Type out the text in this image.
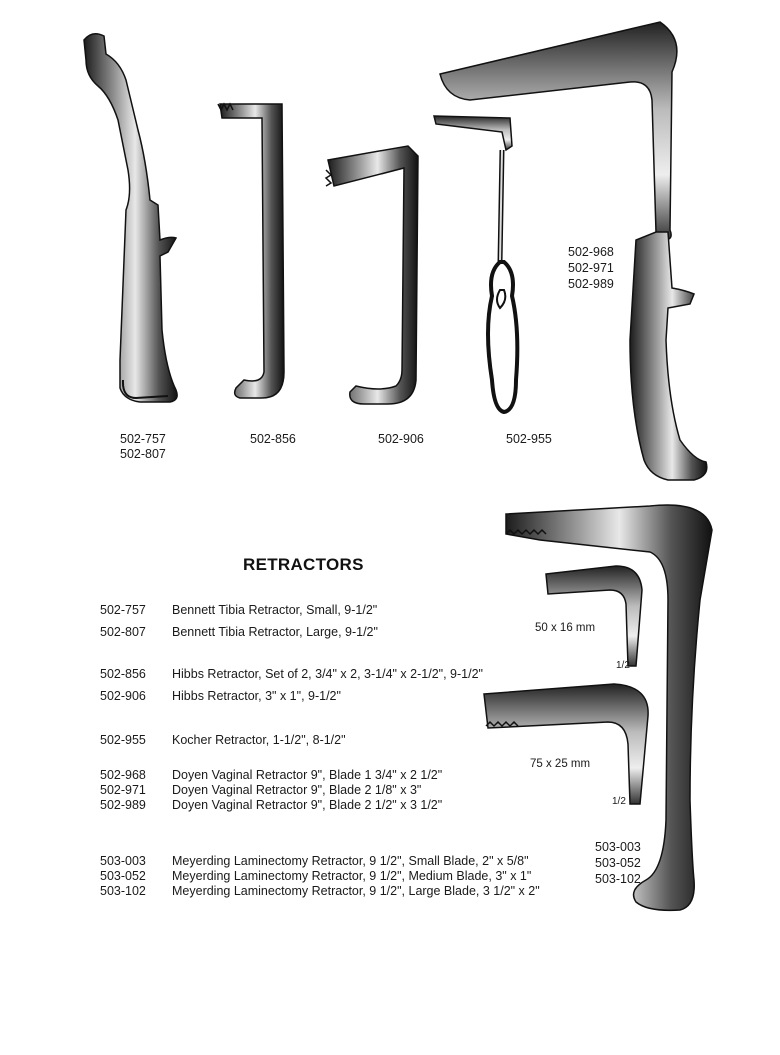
502-757
502-807
502-856	502-906	502-955
502-968
502-971
502-989
503-003
503-052
503-102
50 x 16 mm
1/2
75 x 25 mm
1/2
RETRACTORS
502-757 Bennett Tibia Retractor, Small, 9-1/2"
502-807 Bennett Tibia Retractor, Large, 9-1/2"
502-856 Hibbs Retractor, Set of 2, 3/4" x 2, 3-1/4" x 2-1/2", 9-1/2"
502-906 Hibbs Retractor, 3" x 1", 9-1/2"
502-955 Kocher Retractor, 1-1/2", 8-1/2"
502-968 Doyen Vaginal Retractor 9", Blade 1 3/4" x 2 1/2"
502-971 Doyen Vaginal Retractor 9", Blade 2 1/8" x 3"
502-989 Doyen Vaginal Retractor 9", Blade 2 1/2" x 3 1/2"
503-003 Meyerding Laminectomy Retractor, 9 1/2", Small Blade, 2" x 5/8"
503-052 Meyerding Laminectomy Retractor, 9 1/2", Medium Blade, 3" x 1"
503-102 Meyerding Laminectomy Retractor, 9 1/2", Large Blade, 3 1/2" x 2"
